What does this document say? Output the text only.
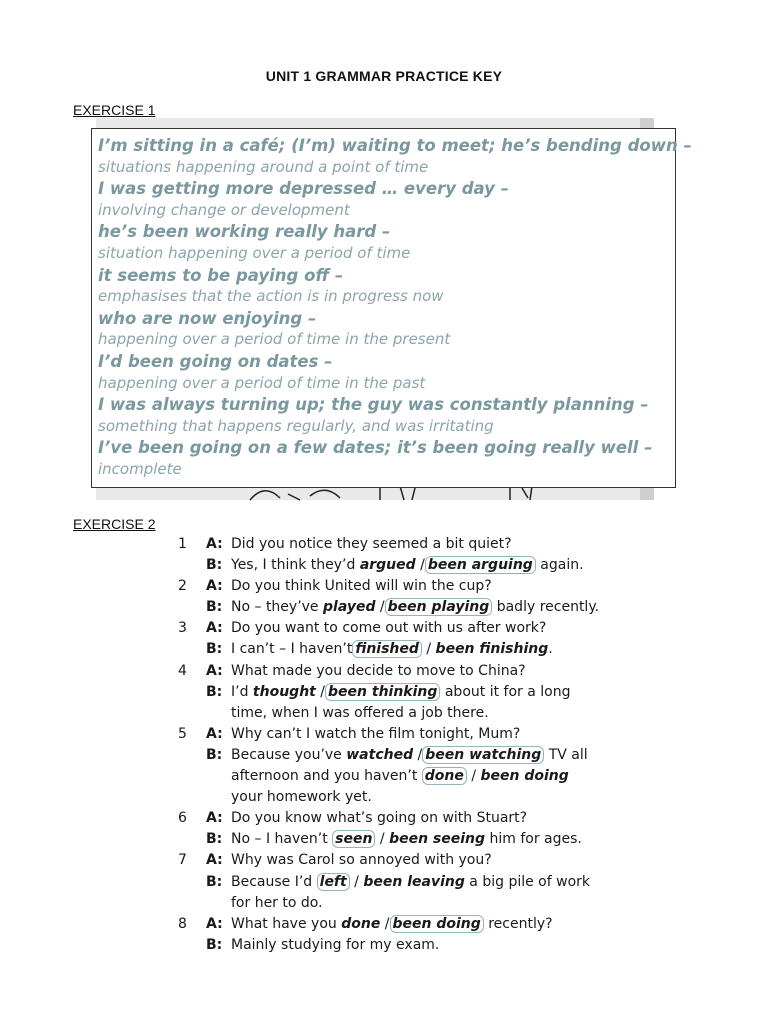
UNIT 1 GRAMMAR PRACTICE KEY
EXERCISE 1
I’m sitting in a café; (I’m) waiting to meet; he’s bending down –
situations happening around a point of time
I was getting more depressed … every day –
involving change or development
he’s been working really hard –
situation happening over a period of time
it seems to be paying off –
emphasises that the action is in progress now
who are now enjoying –
happening over a period of time in the present
I’d been going on dates –
happening over a period of time in the past
I was always turning up; the guy was constantly planning –
something that happens regularly, and was irritating
I’ve been going on a few dates; it’s been going really well –
incomplete
EXERCISE 2
1	A: Did you notice they seemed a bit quiet?
B: Yes, I think they’d argued / been arguing again.
2	A: Do you think United will win the cup?
B: No – they’ve played / been playing badly recently.
3	A: Do you want to come out with us after work?
B: I can’t – I haven’t finished / been finishing.
4	A: What made you decide to move to China?
B: I’d thought / been thinking about it for a long
time, when I was offered a job there.
5	A: Why can’t I watch the film tonight, Mum?
B: Because you’ve watched / been watching TV all
afternoon and you haven’t done / been doing
your homework yet.
6	A: Do you know what’s going on with Stuart?
B: No – I haven’t seen / been seeing him for ages.
7	A: Why was Carol so annoyed with you?
B: Because I’d left / been leaving a big pile of work
for her to do.
8	A: What have you done / been doing recently?
B: Mainly studying for my exam.
